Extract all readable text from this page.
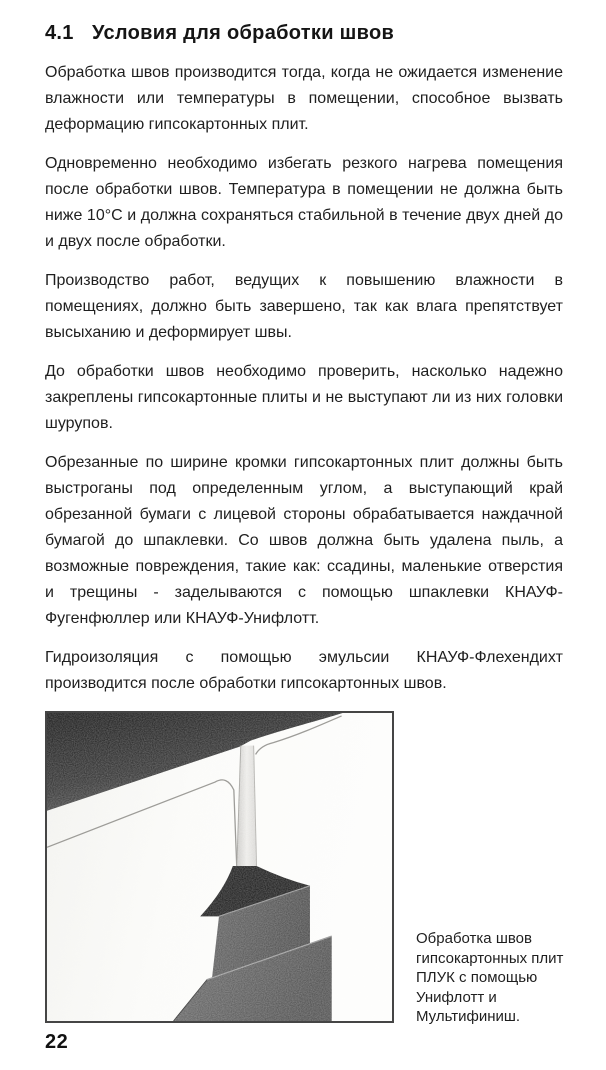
4.1 Условия для обработки швов

Обработка швов производится тогда, когда не ожидается изменение влажности или температуры в помещении, способное вызвать деформацию гипсокартонных плит.

Одновременно необходимо избегать резкого нагрева помещения после обработки швов. Температура в помещении не должна быть ниже 10°C и должна сохраняться стабильной в течение двух дней до и двух после обработки.

Производство работ, ведущих к повышению влажности в помещениях, должно быть завершено, так как влага препятствует высыханию и деформирует швы.

До обработки швов необходимо проверить, насколько надежно закреплены гипсокартонные плиты и не выступают ли из них головки шурупов.

Обрезанные по ширине кромки гипсокартонных плит должны быть выстроганы под определенным углом, а выступающий край обрезанной бумаги с лицевой стороны обрабатывается наждачной бумагой до шпаклевки. Со швов должна быть удалена пыль, а возможные повреждения, такие как: ссадины, маленькие отверстия и трещины - заделываются с помощью шпаклевки КНАУФ-Фугенфюллер или КНАУФ-Унифлотт.

Гидроизоляция с помощью эмульсии КНАУФ-Флехендихт производится после обработки гипсокартонных швов.

Обработка швов
гипсокартонных плит
ПЛУК с помощью
Унифлотт и
Мультифиниш.
22
